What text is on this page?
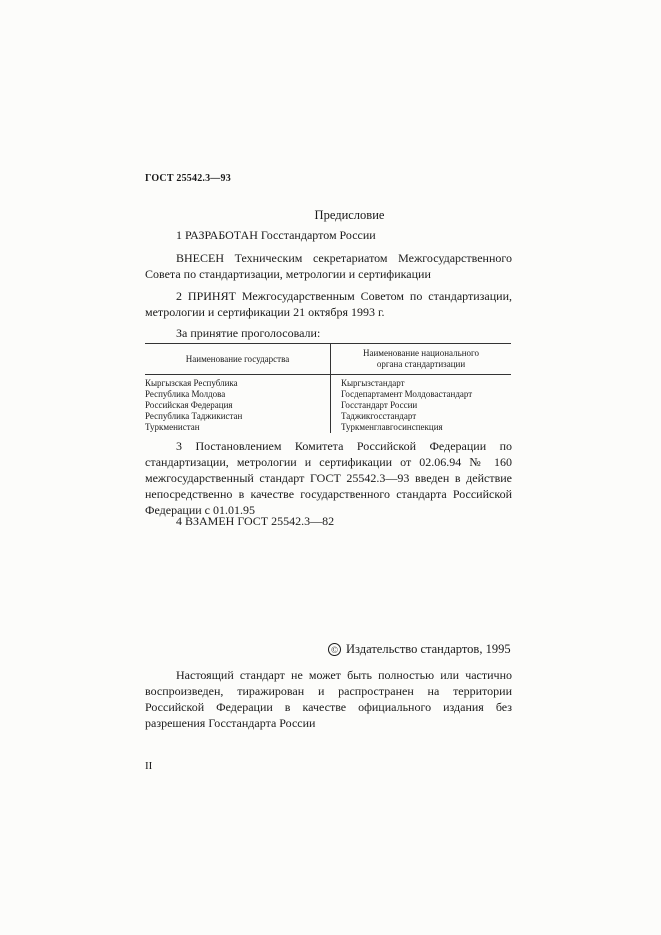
ГОСТ 25542.3—93
Предисловие
1 РАЗРАБОТАН Госстандартом России
ВНЕСЕН Техническим секретариатом Межгосударственного Совета по стандартизации, метрологии и сертификации
2 ПРИНЯТ Межгосударственным Советом по стандартизации, метрологии и сертификации 21 октября 1993 г.
За принятие проголосовали:
Наименование государства
Наименование национального
органа стандартизации
Кыргызская Республика
Республика Молдова
Российская Федерация
Республика Таджикистан
Туркменистан
Кыргызстандарт
Госдепартамент Молдовастандарт
Госстандарт России
Таджикгосстандарт
Туркменглавгосинспекция
3 Постановлением Комитета Российской Федерации по стандартизации, метрологии и сертификации от 02.06.94 № 160 межгосударственный стандарт ГОСТ 25542.3—93 введен в действие непосредственно в качестве государственного стандарта Российской Федерации с 01.01.95
4 ВЗАМЕН ГОСТ 25542.3—82
© Издательство стандартов, 1995
Настоящий стандарт не может быть полностью или частично воспроизведен, тиражирован и распространен на территории Российской Федерации в качестве официального издания без разрешения Госстандарта России
II
